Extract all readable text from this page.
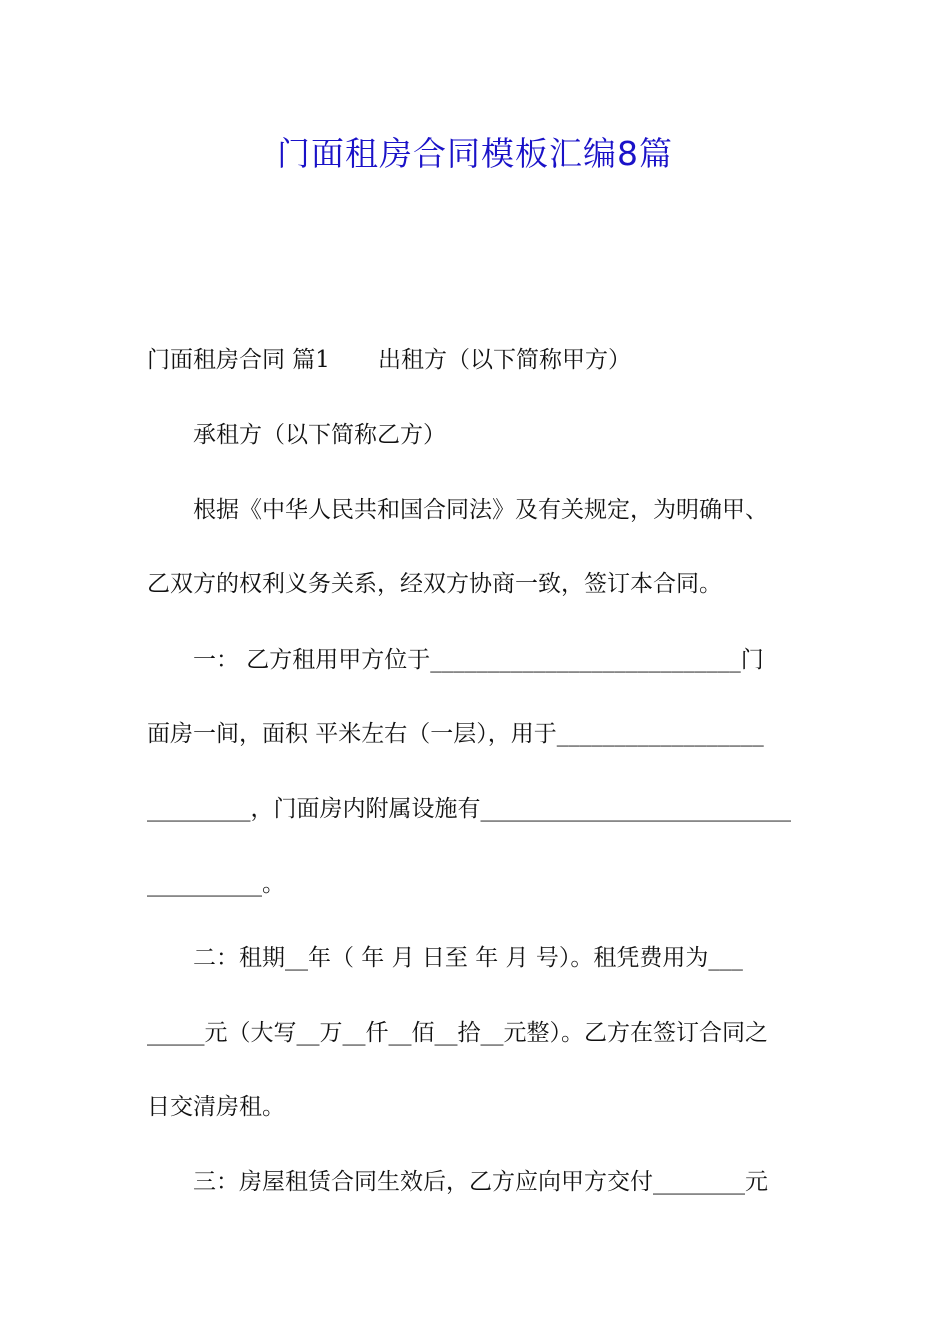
门面租房合同模板汇编8篇
门面租房合同 篇1 出租方（以下简称甲方）
承租方（以下简称乙方）
根据《中华人民共和国合同法》及有关规定，为明确甲、
乙双方的权利义务关系，经双方协商一致，签订本合同。
一： 乙方租用甲方位于___________________________门
面房一间，面积 平米左右（一层），用于__________________
_________，门面房内附属设施有___________________________
__________。
二：租期__年（ 年 月 日至 年 月 号）。租凭费用为___
_____元（大写__万__仟__佰__拾__元整）。乙方在签订合同之
日交清房租。
三：房屋租赁合同生效后，乙方应向甲方交付________元
